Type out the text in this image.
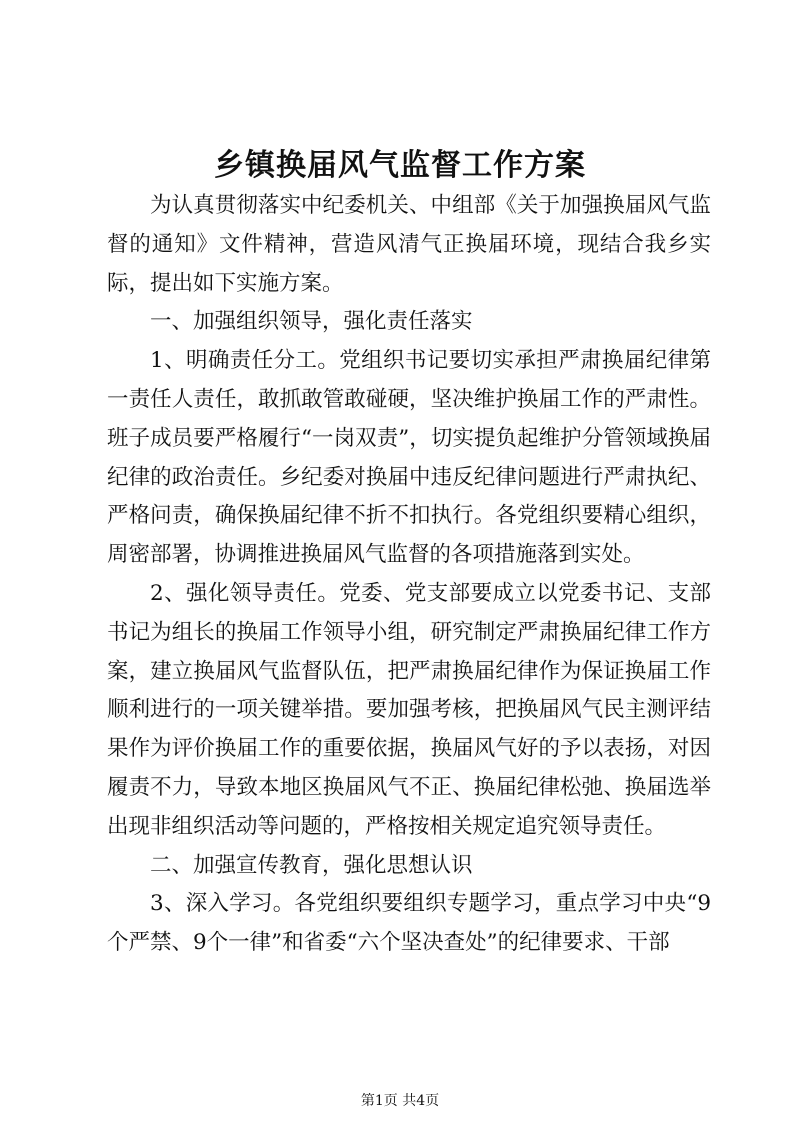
乡镇换届风气监督工作方案

为认真贯彻落实中纪委机关、中组部《关于加强换届风气监督的通知》文件精神，营造风清气正换届环境，现结合我乡实际，提出如下实施方案。

一、加强组织领导，强化责任落实

1、明确责任分工。党组织书记要切实承担严肃换届纪律第一责任人责任，敢抓敢管敢碰硬，坚决维护换届工作的严肃性。班子成员要严格履行“一岗双责”，切实提负起维护分管领域换届纪律的政治责任。乡纪委对换届中违反纪律问题进行严肃执纪、严格问责，确保换届纪律不折不扣执行。各党组织要精心组织，周密部署，协调推进换届风气监督的各项措施落到实处。

2、强化领导责任。党委、党支部要成立以党委书记、支部书记为组长的换届工作领导小组，研究制定严肃换届纪律工作方案，建立换届风气监督队伍，把严肃换届纪律作为保证换届工作顺利进行的一项关键举措。要加强考核，把换届风气民主测评结果作为评价换届工作的重要依据，换届风气好的予以表扬，对因履责不力，导致本地区换届风气不正、换届纪律松弛、换届选举出现非组织活动等问题的，严格按相关规定追究领导责任。

二、加强宣传教育，强化思想认识

3、深入学习。各党组织要组织专题学习，重点学习中央“9个严禁、9个一律”和省委“六个坚决查处”的纪律要求、干部

第1页 共4页
